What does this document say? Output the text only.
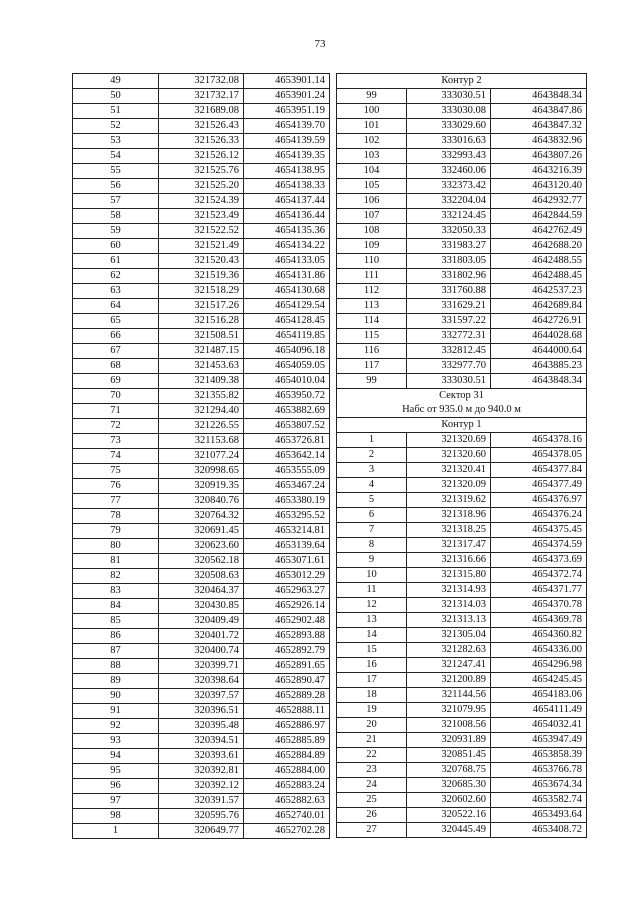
73
49	321732.08	4653901.14
50	321732.17	4653901.24
51	321689.08	4653951.19
52	321526.43	4654139.70
53	321526.33	4654139.59
54	321526.12	4654139.35
55	321525.76	4654138.95
56	321525.20	4654138.33
57	321524.39	4654137.44
58	321523.49	4654136.44
59	321522.52	4654135.36
60	321521.49	4654134.22
61	321520.43	4654133.05
62	321519.36	4654131.86
63	321518.29	4654130.68
64	321517.26	4654129.54
65	321516.28	4654128.45
66	321508.51	4654119.85
67	321487.15	4654096.18
68	321453.63	4654059.05
69	321409.38	4654010.04
70	321355.82	4653950.72
71	321294.40	4653882.69
72	321226.55	4653807.52
73	321153.68	4653726.81
74	321077.24	4653642.14
75	320998.65	4653555.09
76	320919.35	4653467.24
77	320840.76	4653380.19
78	320764.32	4653295.52
79	320691.45	4653214.81
80	320623.60	4653139.64
81	320562.18	4653071.61
82	320508.63	4653012.29
83	320464.37	4652963.27
84	320430.85	4652926.14
85	320409.49	4652902.48
86	320401.72	4652893.88
87	320400.74	4652892.79
88	320399.71	4652891.65
89	320398.64	4652890.47
90	320397.57	4652889.28
91	320396.51	4652888.11
92	320395.48	4652886.97
93	320394.51	4652885.89
94	320393.61	4652884.89
95	320392.81	4652884.00
96	320392.12	4652883.24
97	320391.57	4652882.63
98	320595.76	4652740.01
1	320649.77	4652702.28
Контур 2		
99	333030.51	4643848.34
100	333030.08	4643847.86
101	333029.60	4643847.32
102	333016.63	4643832.96
103	332993.43	4643807.26
104	332460.06	4643216.39
105	332373.42	4643120.40
106	332204.04	4642932.77
107	332124.45	4642844.59
108	332050.33	4642762.49
109	331983.27	4642688.20
110	331803.05	4642488.55
111	331802.96	4642488.45
112	331760.88	4642537.23
113	331629.21	4642689.84
114	331597.22	4642726.91
115	332772.31	4644028.68
116	332812.45	4644000.64
117	332977.70	4643885.23
99	333030.51	4643848.34
Сектор 31		
Набс от 935.0 м до 940.0 м		
Контур 1		
1	321320.69	4654378.16
2	321320.60	4654378.05
3	321320.41	4654377.84
4	321320.09	4654377.49
5	321319.62	4654376.97
6	321318.96	4654376.24
7	321318.25	4654375.45
8	321317.47	4654374.59
9	321316.66	4654373.69
10	321315.80	4654372.74
11	321314.93	4654371.77
12	321314.03	4654370.78
13	321313.13	4654369.78
14	321305.04	4654360.82
15	321282.63	4654336.00
16	321247.41	4654296.98
17	321200.89	4654245.45
18	321144.56	4654183.06
19	321079.95	4654111.49
20	321008.56	4654032.41
21	320931.89	4653947.49
22	320851.45	4653858.39
23	320768.75	4653766.78
24	320685.30	4653674.34
25	320602.60	4653582.74
26	320522.16	4653493.64
27	320445.49	4653408.72
